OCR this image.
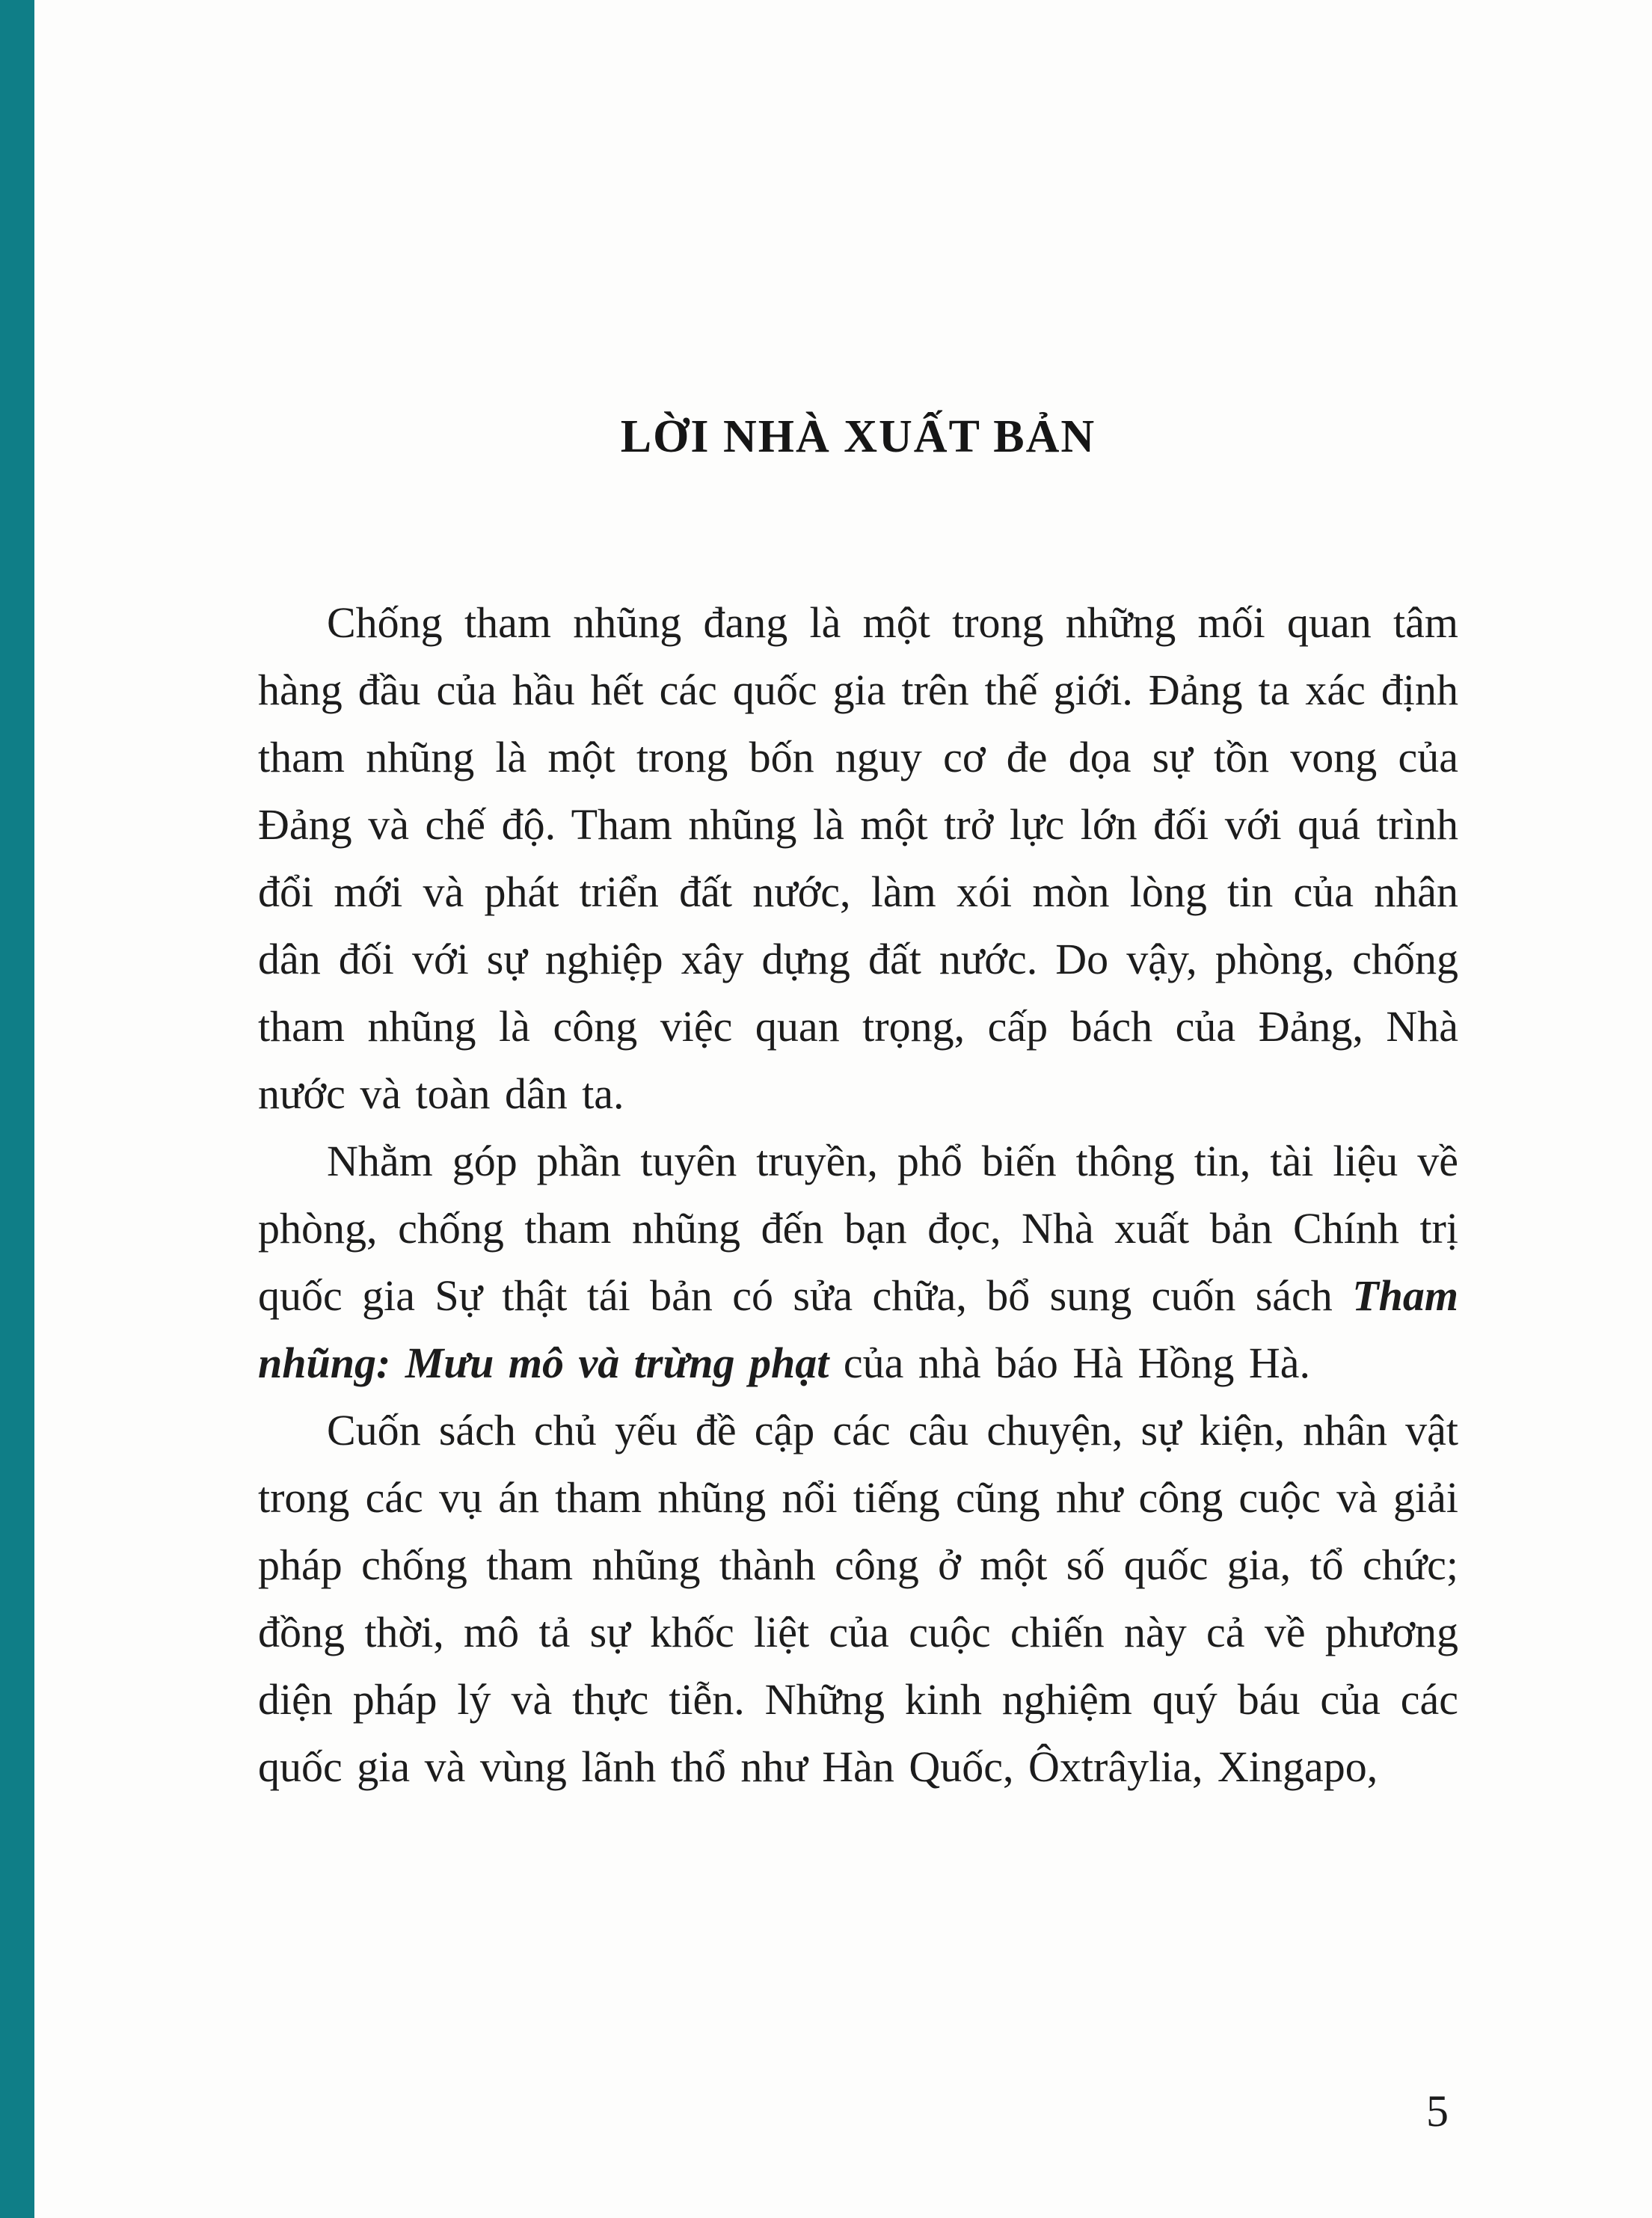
LỜI NHÀ XUẤT BẢN

Chống tham nhũng đang là một trong những mối quan tâm hàng đầu của hầu hết các quốc gia trên thế giới. Đảng ta xác định tham nhũng là một trong bốn nguy cơ đe dọa sự tồn vong của Đảng và chế độ. Tham nhũng là một trở lực lớn đối với quá trình đổi mới và phát triển đất nước, làm xói mòn lòng tin của nhân dân đối với sự nghiệp xây dựng đất nước. Do vậy, phòng, chống tham nhũng là công việc quan trọng, cấp bách của Đảng, Nhà nước và toàn dân ta.

Nhằm góp phần tuyên truyền, phổ biến thông tin, tài liệu về phòng, chống tham nhũng đến bạn đọc, Nhà xuất bản Chính trị quốc gia Sự thật tái bản có sửa chữa, bổ sung cuốn sách Tham nhũng: Mưu mô và trừng phạt của nhà báo Hà Hồng Hà.

Cuốn sách chủ yếu đề cập các câu chuyện, sự kiện, nhân vật trong các vụ án tham nhũng nổi tiếng cũng như công cuộc và giải pháp chống tham nhũng thành công ở một số quốc gia, tổ chức; đồng thời, mô tả sự khốc liệt của cuộc chiến này cả về phương diện pháp lý và thực tiễn. Những kinh nghiệm quý báu của các quốc gia và vùng lãnh thổ như Hàn Quốc, Ôxtrâylia, Xingapo,

5
